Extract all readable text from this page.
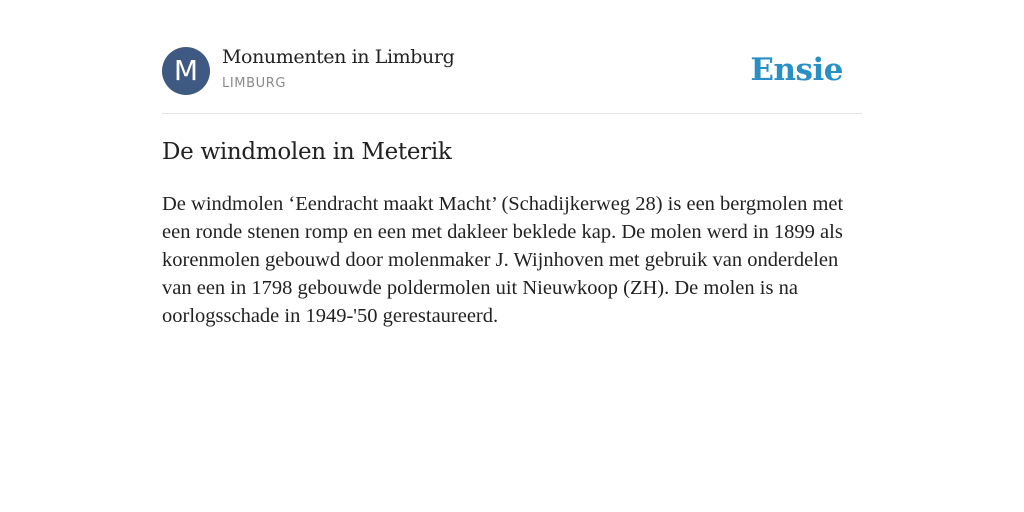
M	Monumenten in Limburg
LIMBURG	Ensie
De windmolen in Meterik

De windmolen ‘Eendracht maakt Macht’ (Schadijkerweg 28) is een bergmolen met een ronde stenen romp en een met dakleer beklede kap. De molen werd in 1899 als korenmolen gebouwd door molenmaker J. Wijnhoven met gebruik van onderdelen van een in 1798 gebouwde poldermolen uit Nieuwkoop (ZH). De molen is na oorlogsschade in 1949-'50 gerestaureerd.
